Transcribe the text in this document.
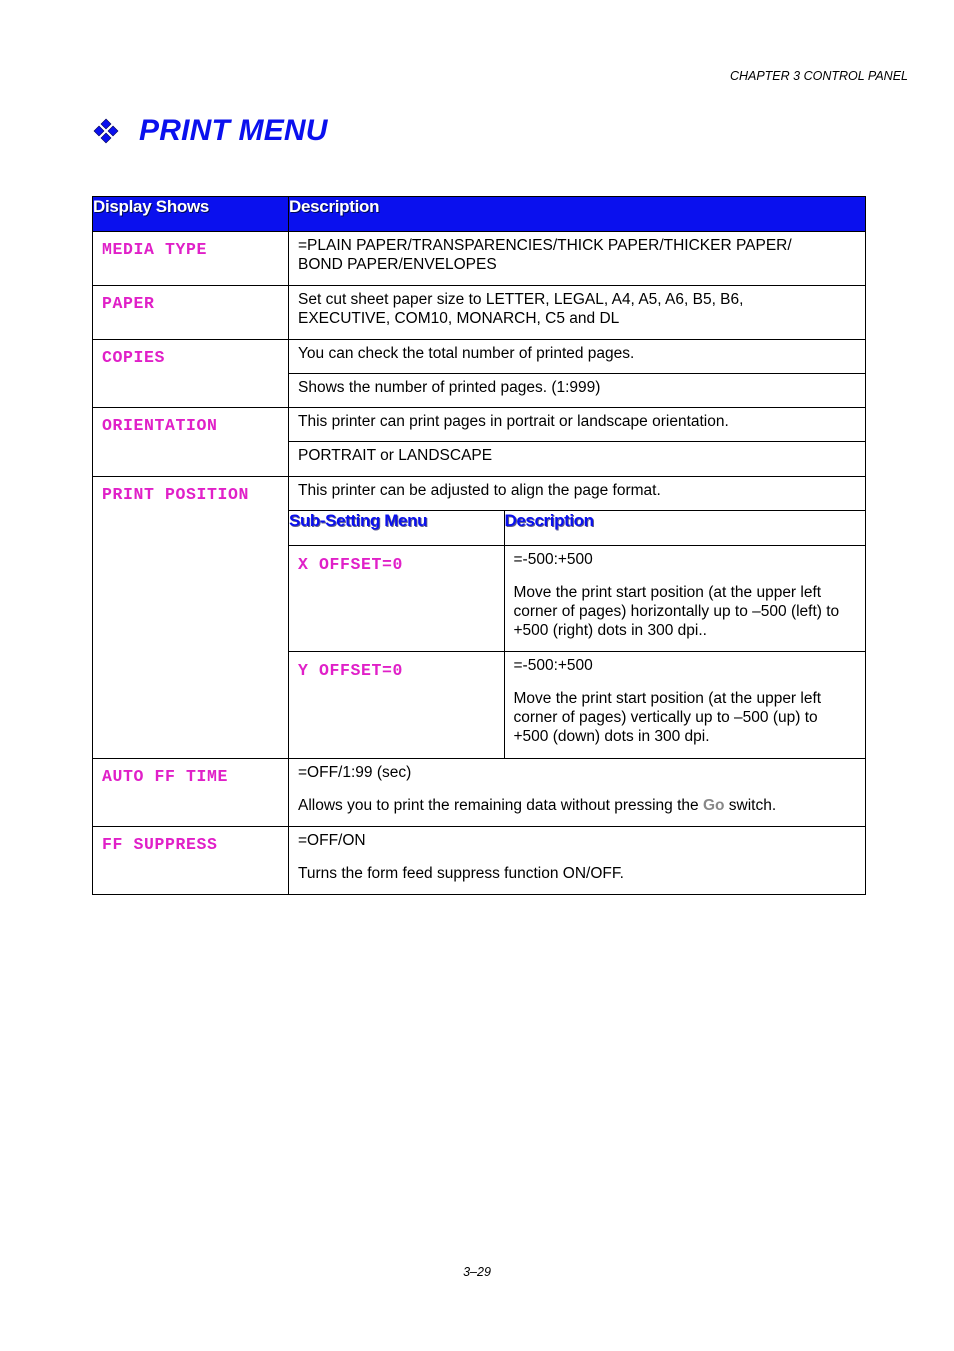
CHAPTER 3 CONTROL PANEL
PRINT MENU
Display Shows	Description
MEDIA TYPE	=PLAIN PAPER/TRANSPARENCIES/THICK PAPER/THICKER PAPER/
BOND PAPER/ENVELOPES

PAPER	Set cut sheet paper size to LETTER, LEGAL, A4, A5, A6, B5, B6,
EXECUTIVE, COM10, MONARCH, C5 and DL

COPIES	You can check the total number of printed pages.
Shows the number of printed pages. (1:999)
ORIENTATION	This printer can print pages in portrait or landscape orientation.
PORTRAIT or LANDSCAPE
PRINT POSITION	This printer can be adjusted to align the page format.

Sub-Setting Menu	Description
X OFFSET=0	=-500:+500

Move the print start position (at the upper left corner of pages) horizontally up to –500 (left) to +500 (right) dots in 300 dpi..

Y OFFSET=0	=-500:+500

Move the print start position (at the upper left corner of pages) vertically up to –500 (up) to +500 (down) dots in 300 dpi.

AUTO FF TIME	=OFF/1:99 (sec)

Allows you to print the remaining data without pressing the Go switch.

FF SUPPRESS	=OFF/ON

Turns the form feed suppress function ON/OFF.

3–29
